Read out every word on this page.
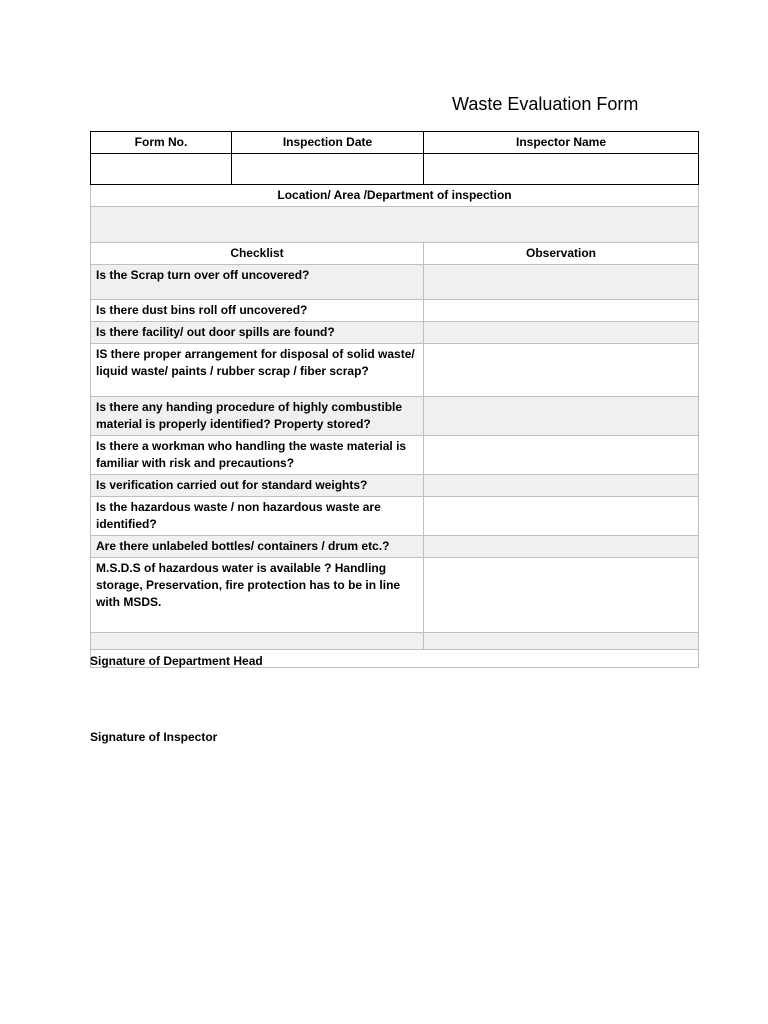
Waste Evaluation Form
Form No.	Inspection Date	Inspector Name

Location/ Area /Department of inspection		

Checklist		Observation
Is the Scrap turn over off uncovered?		
Is there dust bins roll off uncovered?		
Is there facility/ out door spills are found?		
IS there proper arrangement for disposal of solid waste/ liquid waste/ paints / rubber scrap / fiber scrap?		
Is there any handing procedure of highly combustible material is properly identified? Property stored?		
Is there a workman who handling the waste material is familiar with risk and precautions?		
Is verification carried out for standard weights?		
Is the hazardous waste / non hazardous waste are identified?		
Are there unlabeled bottles/ containers / drum etc.?		
M.S.D.S of hazardous water is available ? Handling storage, Preservation, fire protection has to be in line with MSDS.		

Signature of Department Head

Signature of Inspector
